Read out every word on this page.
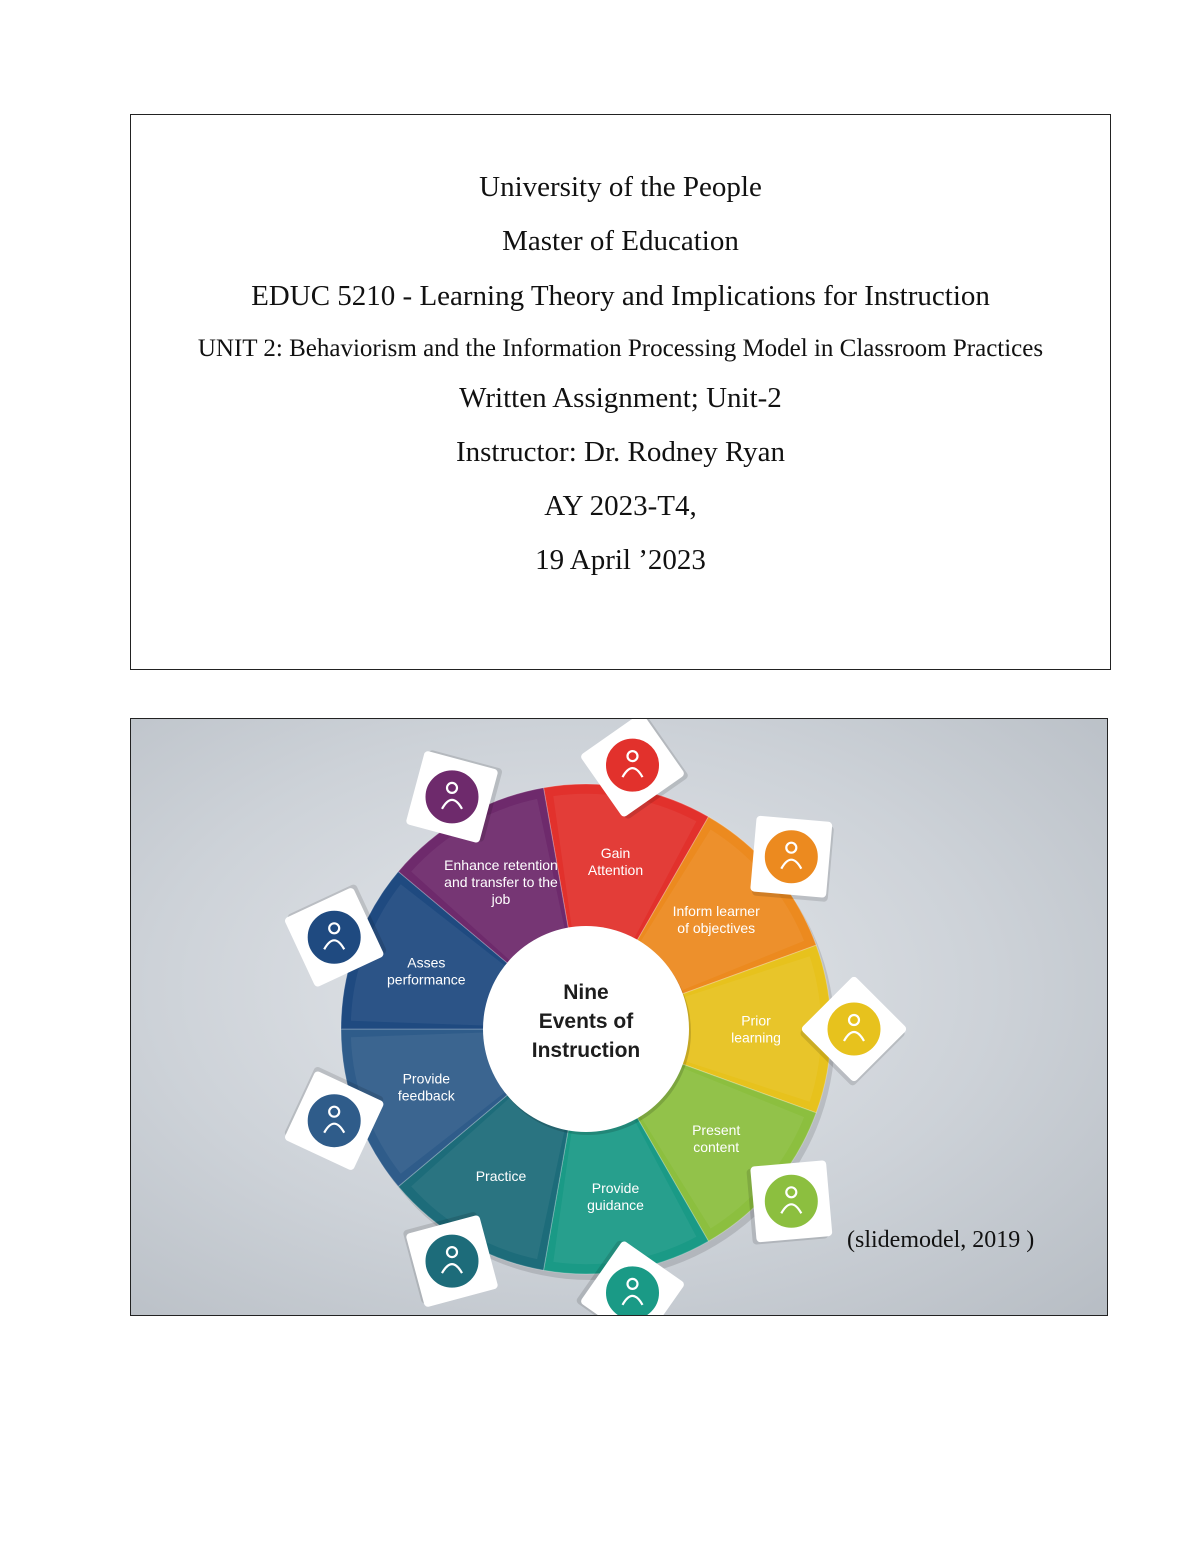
University of the People
Master of Education
EDUC 5210 - Learning Theory and Implications for Instruction
UNIT 2: Behaviorism and the Information Processing Model in Classroom Practices
Written Assignment; Unit-2
Instructor: Dr. Rodney Ryan
AY 2023-T4,
19 April ’2023
Gain
Attention
Inform learner
of objectives
Prior
learning
Present
content
Provide
guidance
Practice
Provide
feedback
Asses
performance
Enhance retention
and transfer to the
job
Nine
Events of
Instruction
(slidemodel, 2019 )
